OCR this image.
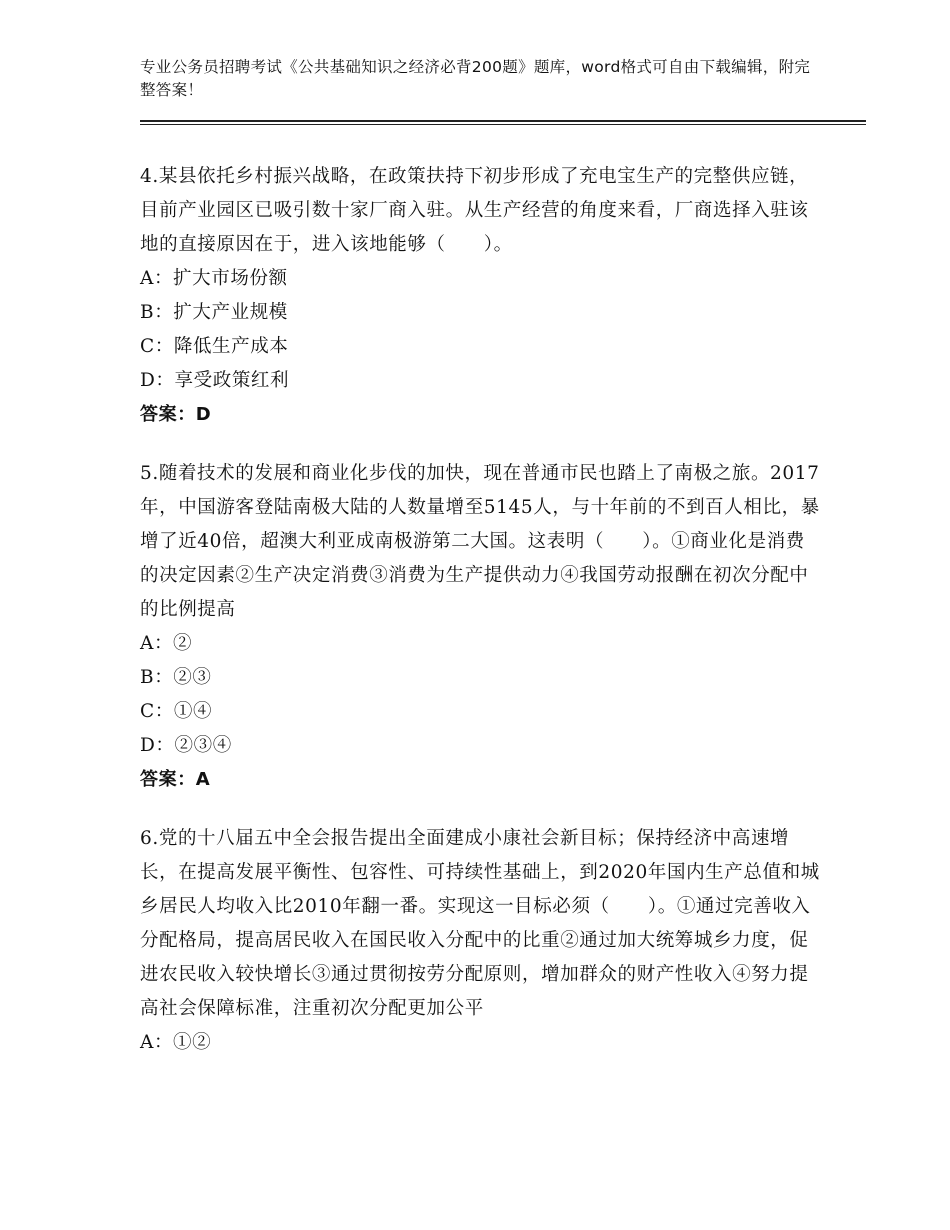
专业公务员招聘考试《公共基础知识之经济必背200题》题库，word格式可自由下载编辑，附完整答案！

4.某县依托乡村振兴战略，在政策扶持下初步形成了充电宝生产的完整供应链，目前产业园区已吸引数十家厂商入驻。从生产经营的角度来看，厂商选择入驻该地的直接原因在于，进入该地能够（　　）。

A：扩大市场份额

B：扩大产业规模

C：降低生产成本

D：享受政策红利

答案：D

5.随着技术的发展和商业化步伐的加快，现在普通市民也踏上了南极之旅。2017年，中国游客登陆南极大陆的人数量增至5145人，与十年前的不到百人相比，暴增了近40倍，超澳大利亚成南极游第二大国。这表明（　　）。①商业化是消费的决定因素②生产决定消费③消费为生产提供动力④我国劳动报酬在初次分配中的比例提高

A：②

B：②③

C：①④

D：②③④

答案：A

6.党的十八届五中全会报告提出全面建成小康社会新目标；保持经济中高速增长，在提高发展平衡性、包容性、可持续性基础上，到2020年国内生产总值和城乡居民人均收入比2010年翻一番。实现这一目标必须（　　）。①通过完善收入分配格局，提高居民收入在国民收入分配中的比重②通过加大统筹城乡力度，促进农民收入较快增长③通过贯彻按劳分配原则，增加群众的财产性收入④努力提高社会保障标准，注重初次分配更加公平

A：①②
